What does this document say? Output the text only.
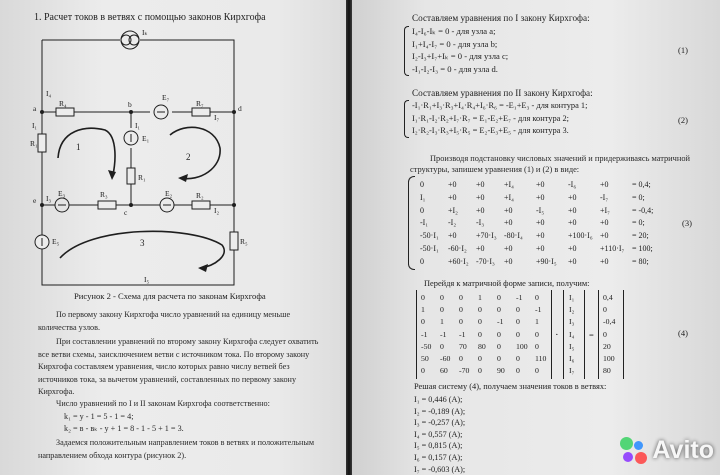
1. Расчет токов в ветвях с помощью законов Кирхгофа
Iₖ
a	b	d
e
c
I₄
R₄
E₇
R₇
I₇
I₁
E₁
R₁
R₁
I₁
1
2
3
E₃	R₃
I₃
E₂	R₂
I₂
E₅	R₅
I₅
Рисунок 2 - Схема для расчета по законам Кирхгофа
По первому закону Кирхгофа число уравнений на единицу меньше
количества узлов.
При составлении уравнений по второму закону Кирхгофа следует охватить
все ветви схемы, заисключением ветви с источником тока. По второму закону
Кирхгофа составляем уравнения, число которых равно числу ветвей без
источников тока, за вычетом уравнений, составленных по первому закону
Кирхгофа.
Число уравнений по I и II законам Кирхгофа соответственно:
k₁ = y - 1 = 5 - 1 = 4;
k₂ = в - вₖ - y + 1 = 8 - 1 - 5 + 1 = 3.
Задаемся положительным направлением токов в ветвях и положительным
направлением обхода контура (рисунок 2).
Составляем уравнения по I закону Кирхгофа:
I₄-I₆-Iₖ = 0 - для узла a;
I₁+I₄-I₇ = 0 - для узла b;
I₂-I₃+I₇+Iₖ = 0 - для узла c;
-I₁-I₂-I₃ = 0 - для узла d.
(1)
Составляем уравнения по II закону Кирхгофа:
-I₁·R₁+I₃·R₃+I₄·R₄+I₆·R₆ = -E₁+E₃ - для контура 1;
I₁·R₁-I₂·R₂+I₇·R₇ = E₁-E₂+E₇ - для контура 2;
I₂·R₂-I₃·R₃+I₅·R₅ = E₂-E₃+E₅ - для контура 3.
(2)
Производя подстановку числовых значений и придерживаясь матричной
структуры, запишем уравнения (1) и (2) в виде:
0	+0 +0 +I₄	+0	-I₆	+0	= 0,4;
I₁	+0 +0 +I₄	+0	+0	-I₇	= 0;
0	+I₂ +0 +0	-I₅	+0	+I₇	= -0,4;
-I₁ -I₂ -I₃ +0	+0	+0	+0	= 0;
-50·I₁ +0 +70·I₃ -80·I₄ +0	+100·I₆ +0	= 20;
-50·I₁ -60·I₂ +0 +0	+0	+0	+110·I₇ = 100;
0	+60·I₂ -70·I₃ +0	+90·I₅ +0	+0	= 80;
(3)
Перейдя к матричной форме записи, получим:
0 0 0 1 0 -1 0
1 0 0 0 0 0 -1
0 1 0 0 -1 0 1
-1 -1 -1 0 0 0 0
-50 0 70 80 0 100 0
50 -60 0 0 0 0 110
0 60 -70 0 90 0 0
·
I₁
I₂
I₃
I₄
I₅
I₆
I₇
=
0,4
0
-0,4
0
20
100
80
(4)
Решая систему (4), получаем значения токов в ветвях:
I₁ = 0,446 (A);
I₂ = -0,189 (A);
I₃ = -0,257 (A);
I₄ = 0,557 (A);
I₅ = 0,815 (A);
I₆ = 0,157 (A);
I₇ = -0,603 (A);
Avito
